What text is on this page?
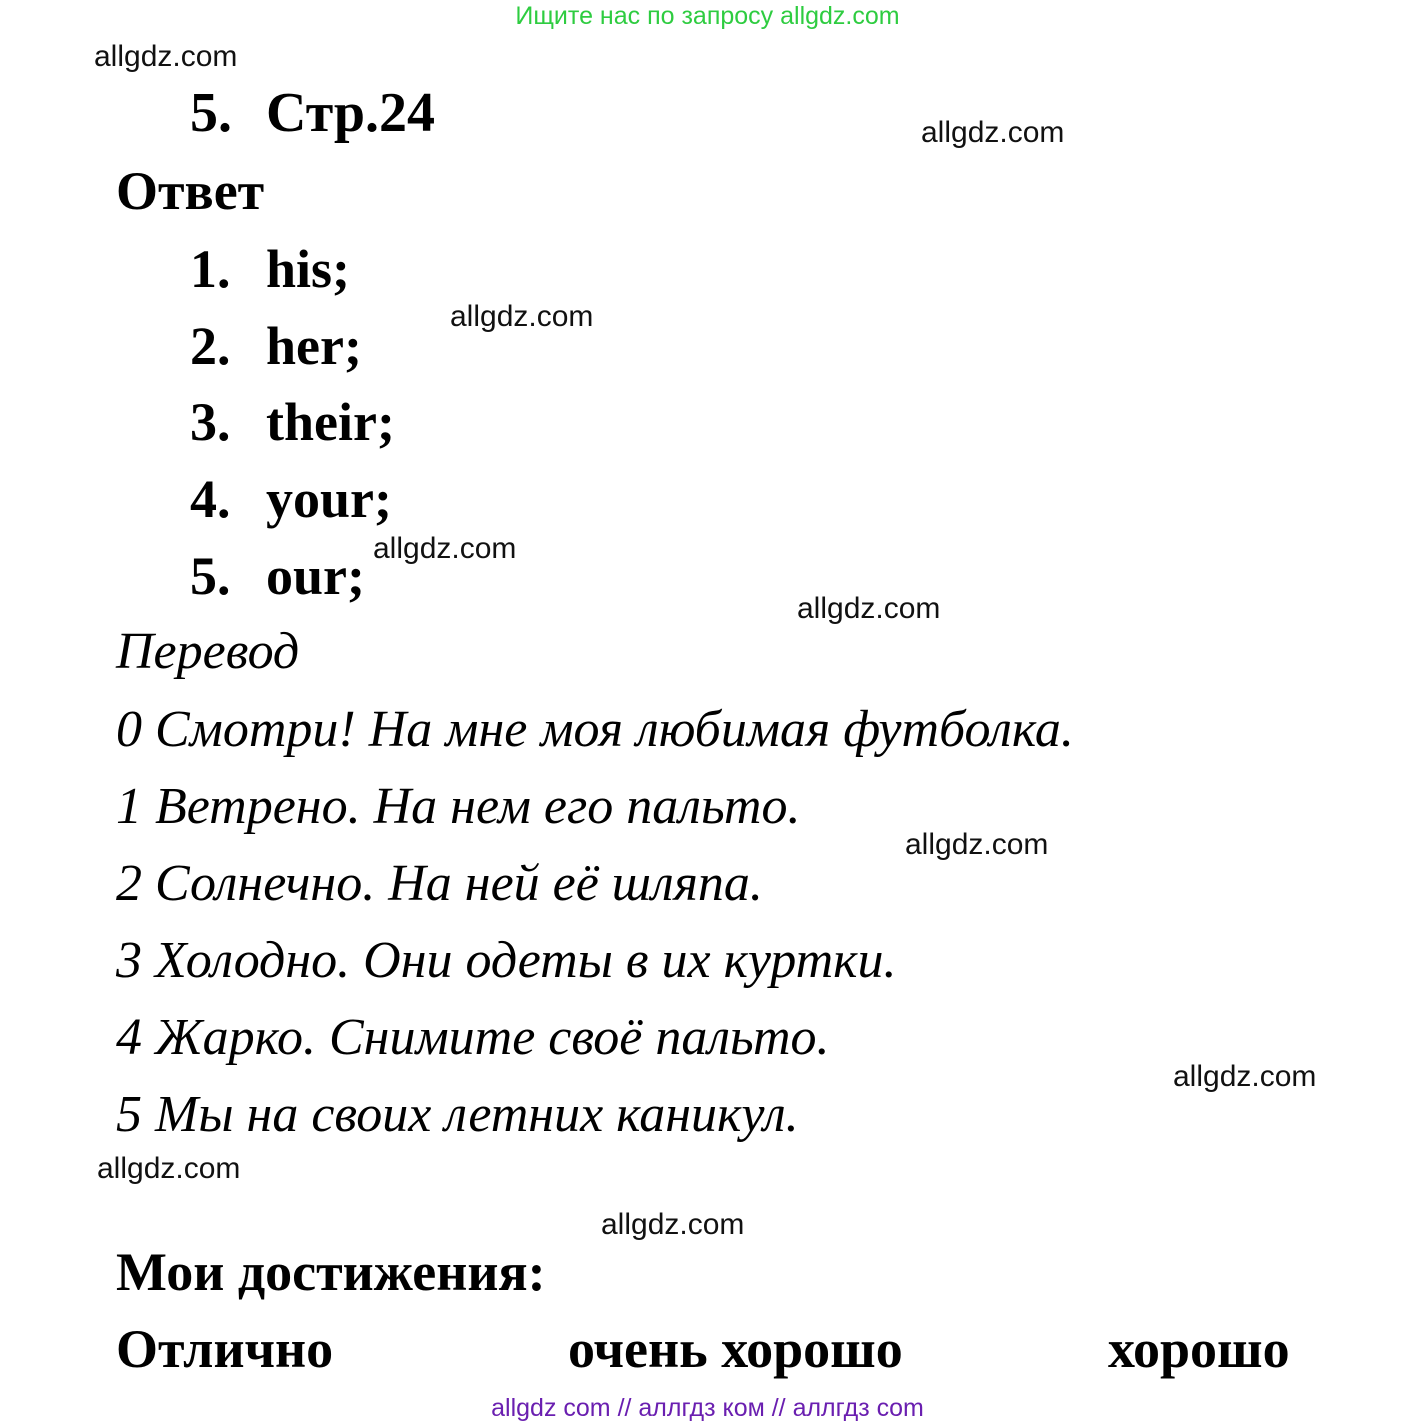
Ищите нас по запросу allgdz.com
allgdz.com
allgdz.com
allgdz.com
allgdz.com
allgdz.com
allgdz.com
allgdz.com
allgdz.com
allgdz.com
5. Стр.24
Ответ
1. his;
2. her;
3. their;
4. your;
5. our;
Перевод
0 Смотри! На мне моя любимая футболка.
1 Ветрено. На нем его пальто.
2 Солнечно. На ней её шляпа.
3 Холодно. Они одеты в их куртки.
4 Жарко. Снимите своё пальто.
5 Мы на своих летних каникул.
Мои достижения:
Отлично	очень хорошо	хорошо
allgdz com // аллгдз ком // аллгдз com
